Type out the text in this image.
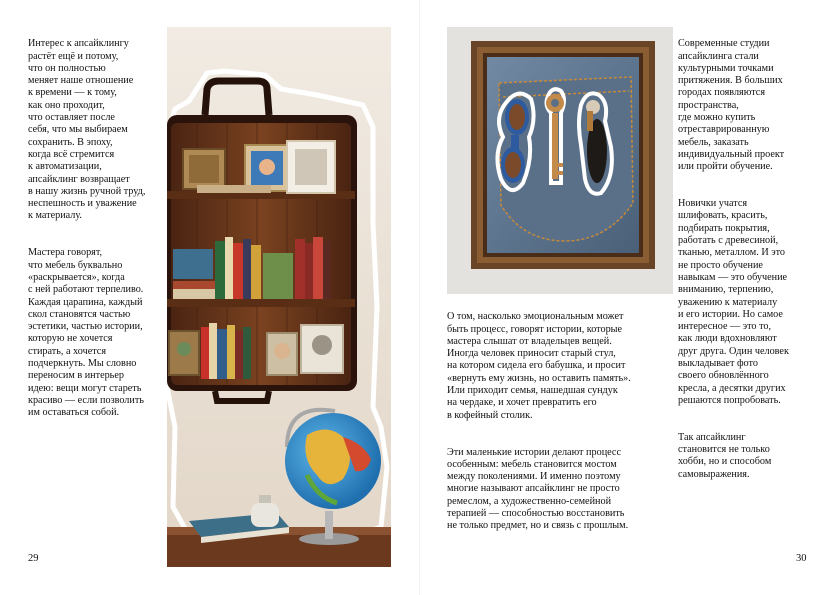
Интерес к апсайклингу
растёт ещё и потому,
что он полностью
меняет наше отношение
к времени — к тому,
как оно проходит,
что оставляет после
себя, что мы выбираем
сохранить. В эпоху,
когда всё стремится
к автоматизации,
апсайклинг возвращает
в нашу жизнь ручной труд,
неспешность и уважение
к материалу.

Мастера говорят,
что мебель буквально
«раскрывается», когда
с ней работают терпеливо.
Каждая царапина, каждый
скол становятся частью
эстетики, частью истории,
которую не хочется
стирать, а хочется
подчеркнуть. Мы словно
переносим в интерьер
идею: вещи могут стареть
красиво — если позволить
им оставаться собой.

29

О том, насколько эмоциональным может
быть процесс, говорят истории, которые
мастера слышат от владельцев вещей.
Иногда человек приносит старый стул,
на котором сидела его бабушка, и просит
«вернуть ему жизнь, но оставить память».
Или приходит семья, нашедшая сундук
на чердаке, и хочет превратить его
в кофейный столик.

Эти маленькие истории делают процесс
особенным: мебель становится мостом
между поколениями. И именно поэтому
многие называют апсайклинг не просто
ремеслом, а художественно-семейной
терапией — способностью восстановить
не только предмет, но и связь с прошлым.

Современные студии
апсайклинга стали
культурными точками
притяжения. В больших
городах появляются
пространства,
где можно купить
отреставрированную
мебель, заказать
индивидуальный проект
или пройти обучение.

Новички учатся
шлифовать, красить,
подбирать покрытия,
работать с древесиной,
тканью, металлом. И это
не просто обучение
навыкам — это обучение
вниманию, терпению,
уважению к материалу
и его истории. Но самое
интересное — это то,
как люди вдохновляют
друг друга. Один человек
выкладывает фото
своего обновлённого
кресла, а десятки других
решаются попробовать.

Так апсайклинг
становится не только
хобби, но и способом
самовыражения.

30
